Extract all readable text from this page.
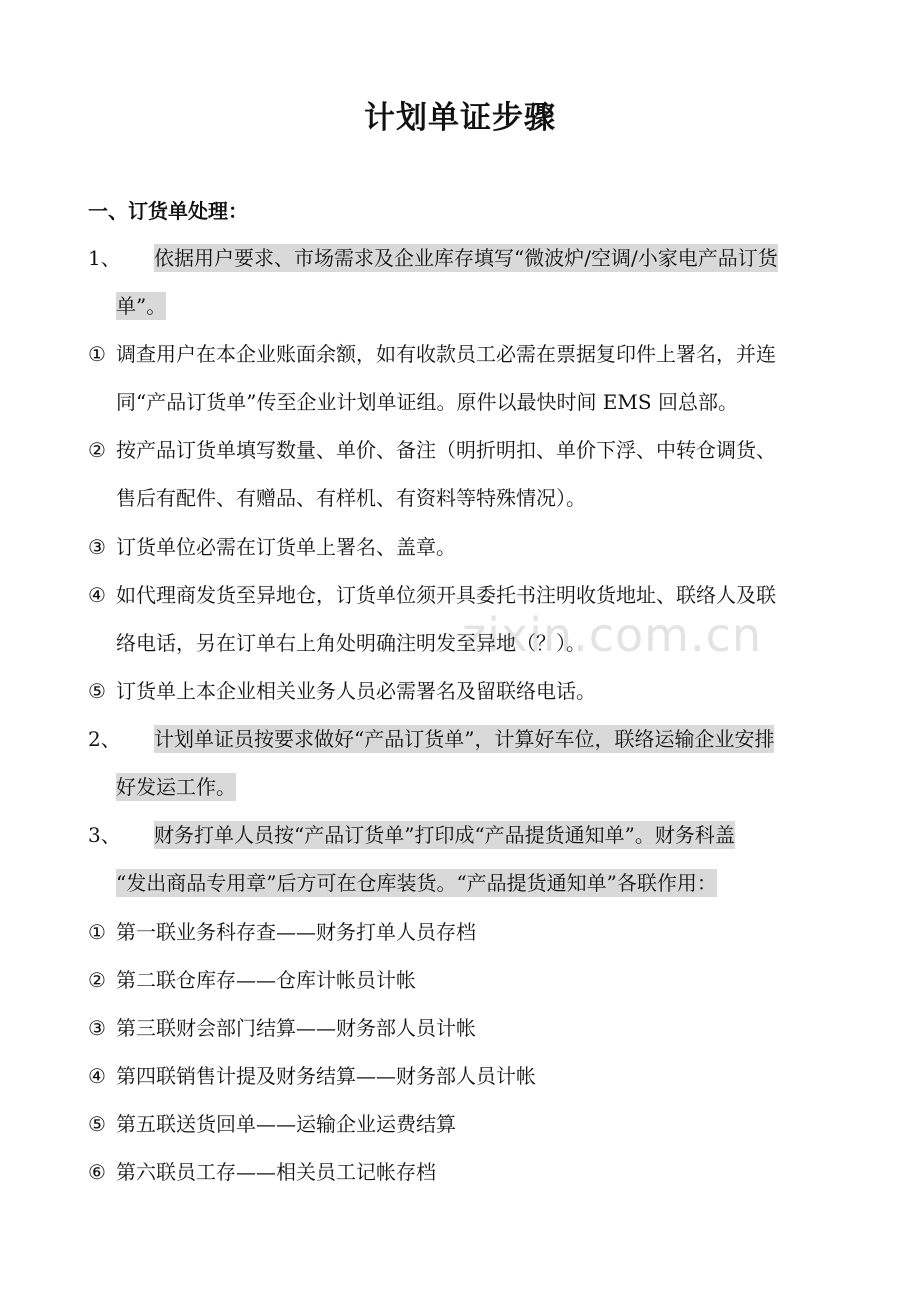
zixin.com.cn
计划单证步骤
一、订货单处理：
1、 依据用户要求、市场需求及企业库存填写“微波炉/空调/小家电产品订货
单”。
① 调查用户在本企业账面余额，如有收款员工必需在票据复印件上署名，并连
同“产品订货单”传至企业计划单证组。原件以最快时间 EMS 回总部。
② 按产品订货单填写数量、单价、备注（明折明扣、单价下浮、中转仓调货、
售后有配件、有赠品、有样机、有资料等特殊情况）。
③ 订货单位必需在订货单上署名、盖章。
④ 如代理商发货至异地仓，订货单位须开具委托书注明收货地址、联络人及联
络电话，另在订单右上角处明确注明发至异地（？）。
⑤ 订货单上本企业相关业务人员必需署名及留联络电话。
2、 计划单证员按要求做好“产品订货单”，计算好车位，联络运输企业安排
好发运工作。
3、 财务打单人员按“产品订货单”打印成“产品提货通知单”。财务科盖
“发出商品专用章”后方可在仓库装货。“产品提货通知单”各联作用：
① 第一联业务科存查——财务打单人员存档
② 第二联仓库存——仓库计帐员计帐
③ 第三联财会部门结算——财务部人员计帐
④ 第四联销售计提及财务结算——财务部人员计帐
⑤ 第五联送货回单——运输企业运费结算
⑥ 第六联员工存——相关员工记帐存档
